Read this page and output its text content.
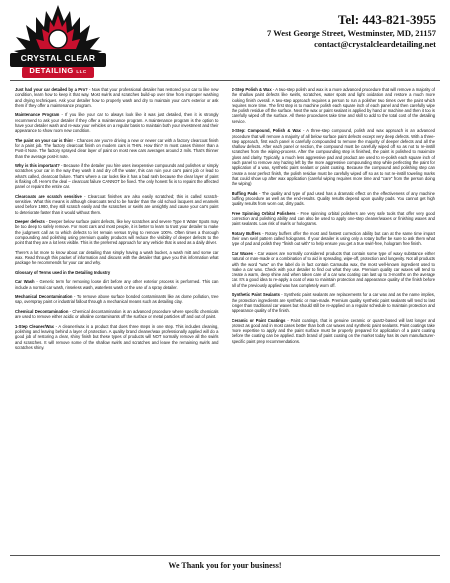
CRYSTAL CLEAR
DETAILING LLC
Tel: 443-821-3955
7 West George Street, Westminster, MD, 21157
contact@crystalcleardetailing.net

Just had your car detailed by a Pro? - Now that your professional detailer has restored your car to like new condition, learn how to keep it that way. Most swirls and scratches build-up over time from improper washing and drying techniques. Ask your detailer how to properly wash and dry to maintain your car's exterior or ask them if they offer a maintenance program.

Maintenance Program - If you like your car to always look like it was just detailed, then it is strongly recommend to ask your detailer if they offer a maintenance program. A maintenance program is the option to have your detailer wash and re-wax your vehicles on a regular basis to maintain both your investment and their appearance to show room new condition.

The paint on your car is thin! - Chances are you're driving a new or newer car with a factory clearcoat finish for a paint job. The factory clearcoat finish on modern cars is THIN. How thin? In most cases thinner than a Post-it Note. The factory sprayed clear layer of paint on most new cars averages around 2 mils. That's thinner than the average post-it note.

Why is this important? - Because if the detailer you hire uses inexpensive compounds and polishes or simply scratches your car in the way they wash it and dry off the water, this can ruin your car's paint job or lead to what's called, clearcoat failure. That's where a car looks like it has a bad rash because the clear layer of paint is flaking off. Here's the deal – clearcoat failure CANNOT be fixed. The only honest fix is to repaint the affected panel or repaint the entire car.

Clearcoats are scratch sensitive - Clearcoat finishes are also easily scratched; this is called scratch-sensitive. What this means is although clearcoats tend to be harder than the old school lacquers and enamels used before 1980, they still scratch easily and the scratches or swirls are unsightly and cause your car's paint to deteriorate faster than it would without them.

Deeper defects - Deeper below surface paint defects, like key scratches and severe Type II Water Spots may be too deep to safely remove. For most cars and most people, it is better to learn to trust your detailer to make the judgment call as to which defects to let remain versus trying to remove 100%. Often times a thorough compounding and polishing using premium quality products will reduce the visibility of deeper defects to the point that they are a lot less visible. This is the preferred approach for any vehicle that is used as a daily driver.

There's a lot more to know about car detailing than simply having a wash bucket, a wash mitt and some car wax. Read through this packet of information and discuss with the detailer that gave you this information what package he recommends for your car and why.

Glossary of Terms used in the Detailing Industry

Car Wash - Generic term for removing loose dirt before any other exterior process is performed. This can include a normal car wash, rinseless wash, waterless wash or the use of a spray detailer.

Mechanical Decontamination - To remove above surface bonded contaminants like as dome pollution, tree sap, overspray paint or industrial fallout through a mechanical means such as detailing clay.

Chemical Decontamination - Chemical decontamination is an advanced procedure where specific chemicals are used to remove either acidic or alkaline contaminants off the surface or metal particles off and out of paint.

1-Step Cleaner/Wax - A cleaner/wax is a product that does three steps in one step. This includes cleaning, polishing and leaving behind a layer of protection. A quality brand cleaner/wax professionally applied will do a good job of restoring a clear, shiny finish but these types of products will NOT normally remove all the swirls and scratches. It will remove some of the shallow swirls and scratches and leave the remaining swirls and scratches shiny.

2-Step Polish & Wax - A two-step polish and wax is a more advanced procedure that will remove a majority of the shallow paint defects like swirls, scratches, water spots and light oxidation and restore a much more looking finish overall. A two-step approach requires a person to run a polisher two times over the paint which requires more time. The first step is to machine polish each square inch of each panel and then carefully wipe the polish residue off the surface. Next the wax or paint sealant is applied by hand or machine and then it too is carefully wiped off the surface. All these procedures take time and skill to add to the total cost of the detailing service.

3-Step: Compound, Polish & Wax - A three-step compound, polish and wax approach is an advanced procedure that will remove a majority of all below surface paint defects except very deep defects. With a three-step approach, first each panel is carefully compounded to remove the majority of deeper defects and all the shallow defects. After each panel or section, the compound must be carefully wiped off so as not to re-instill scratches from the wiping-process. After the compounding step is finished, the paint is polished to maximize gloss and clarity. Typically, a much less aggressive pad and product are used to re-polish each square inch of each panel to remove any hazing left by the more aggressive compounding step while perfecting the paint for application of a wax, synthetic paint sealant or paint coating. Because the compound and polishing step can create a near perfect finish, the polish residue must be carefully wiped off so as to not re-instill toweling marks that could show up after wax application (careful wiping requires more time and "care" from the person doing the wiping)

Buffing Pads - The quality and type of pad used has a dramatic effect on the effectiveness of any machine buffing procedure as well as the end-results. Quality results depend upon quality pads. You cannot get high quality results from worn out, dirty pads.

Free Spinning Orbital Polishers - Free spinning orbital polishers are very safe tools that offer very good correction and polishing ability and can also be used to apply one-step cleaner/waxes or finishing waxes and paint sealants. Low risk of swirls or holograms.

Rotary Buffers - Rotary buffers offer the most and fastest correction ability but can at the same time impart their own swirl pattern called holograms. If your detailer is using only a rotary buffer be sure to ask them what type of pad and polish they "finish out with" to help ensure you get a true swirl-free, hologram free finish.

Car Waxes - Car waxes are normally considered products that contain some type of waxy substance either natural or man-made or a combination of to aid in spreading, wipe-off, protection and longevity. Not all products with the word "wax" on the label do in fact contain Carnauba wax, the most well-known ingredient used to make a car wax. Check with your detailer to find out what they use. Premium quality car waxes will tend to create a warm, deep shine and when taken care of a car wax coating can last up to 3-months on the average car. It's a good idea to re-apply a coat of wax to maintain protection and appearance quality of the finish before all of the previously applied wax has completely worn off.

Synthetic Paint Sealants - Synthetic paint sealants are replacements for a car wax and as the name implies, the protection ingredients are synthetic or man-made. Premium quality synthetic paint sealants will tend to last longer than traditional car waxes but should still be re-applied on a regular schedule to maintain protection and appearance quality of the finish.

Ceramic or Paint Coatings - Paint coatings, that is genuine ceramic or quartz-based will last longer and protect as good and in most cases better than both car waxes and synthetic paint sealants. Paint coatings take more expertise to apply and the paint surface must be properly prepared for application of a paint coating before the coating can be applied. Each brand of paint coating on the market today has its own manufacturer-specific paint prep recommendations.

We Thank you for your business!
